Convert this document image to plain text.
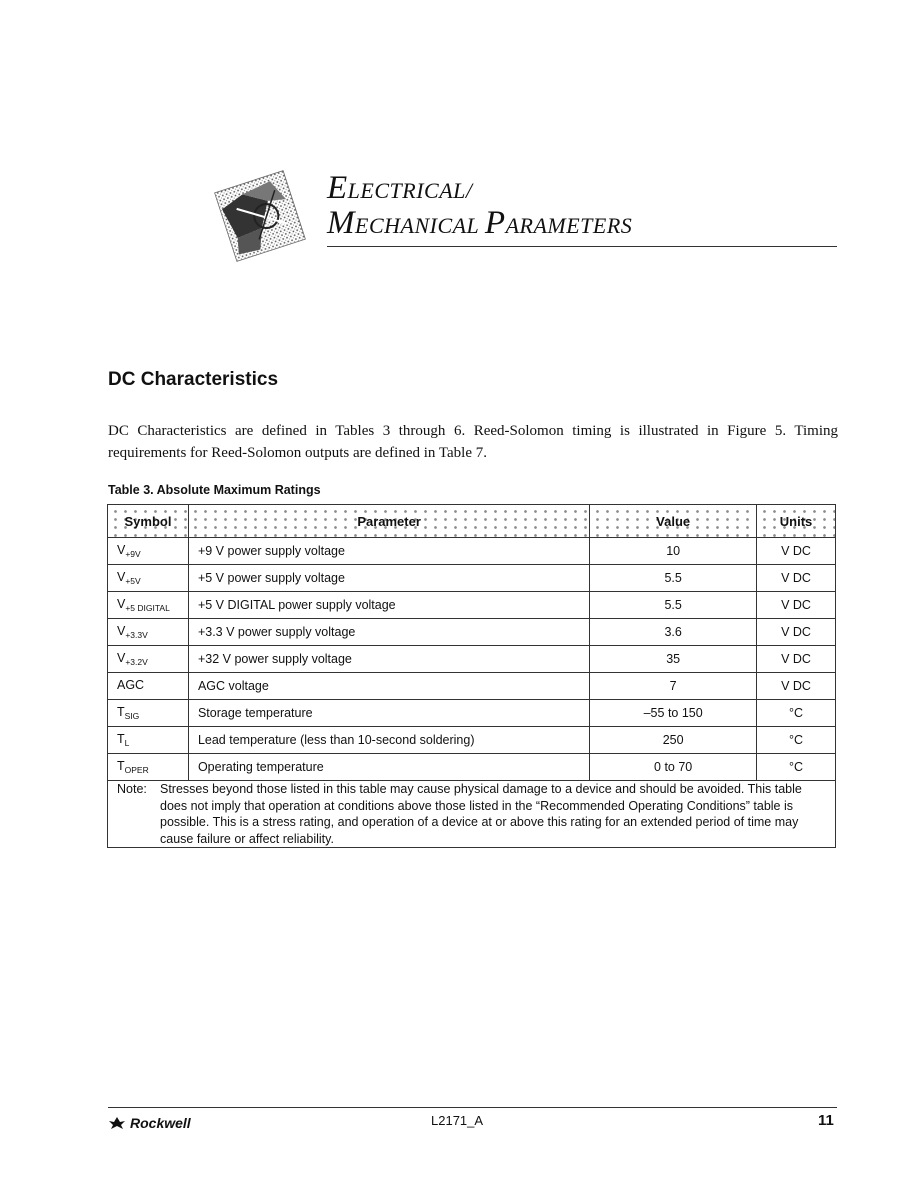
ELECTRICAL/
MECHANICAL PARAMETERS
DC Characteristics
DC Characteristics are defined in Tables 3 through 6. Reed-Solomon timing is illustrated in Figure 5. Timing requirements for Reed-Solomon outputs are defined in Table 7.
Table 3. Absolute Maximum Ratings
Symbol	Parameter	Value	Units
$V_{+9V}$	+9 V power supply voltage	10	V DC
$V_{+5V}$	+5 V power supply voltage	5.5	V DC
$V_{+5 DIGITAL}$	+5 V DIGITAL power supply voltage	5.5	V DC
$V_{+3.3V}$	+3.3 V power supply voltage	3.6	V DC
$V_{+3.2V}$	+32 V power supply voltage	35	V DC
AGC	AGC voltage	7	V DC
$T_{SIG}$	Storage temperature	–55 to 150	°C
$T_L$	Lead temperature (less than 10-second soldering)	250	°C
$T_{OPER}$	Operating temperature	0 to 70	°C

Note: Stresses beyond those listed in this table may cause physical damage to a device and should be avoided. This table does not imply that operation at conditions above those listed in the “Recommended Operating Conditions” table is possible. This is a stress rating, and operation of a device at or above this rating for an extended period of time may cause failure or affect reliability.			
Rockwell	L2171_A	11
